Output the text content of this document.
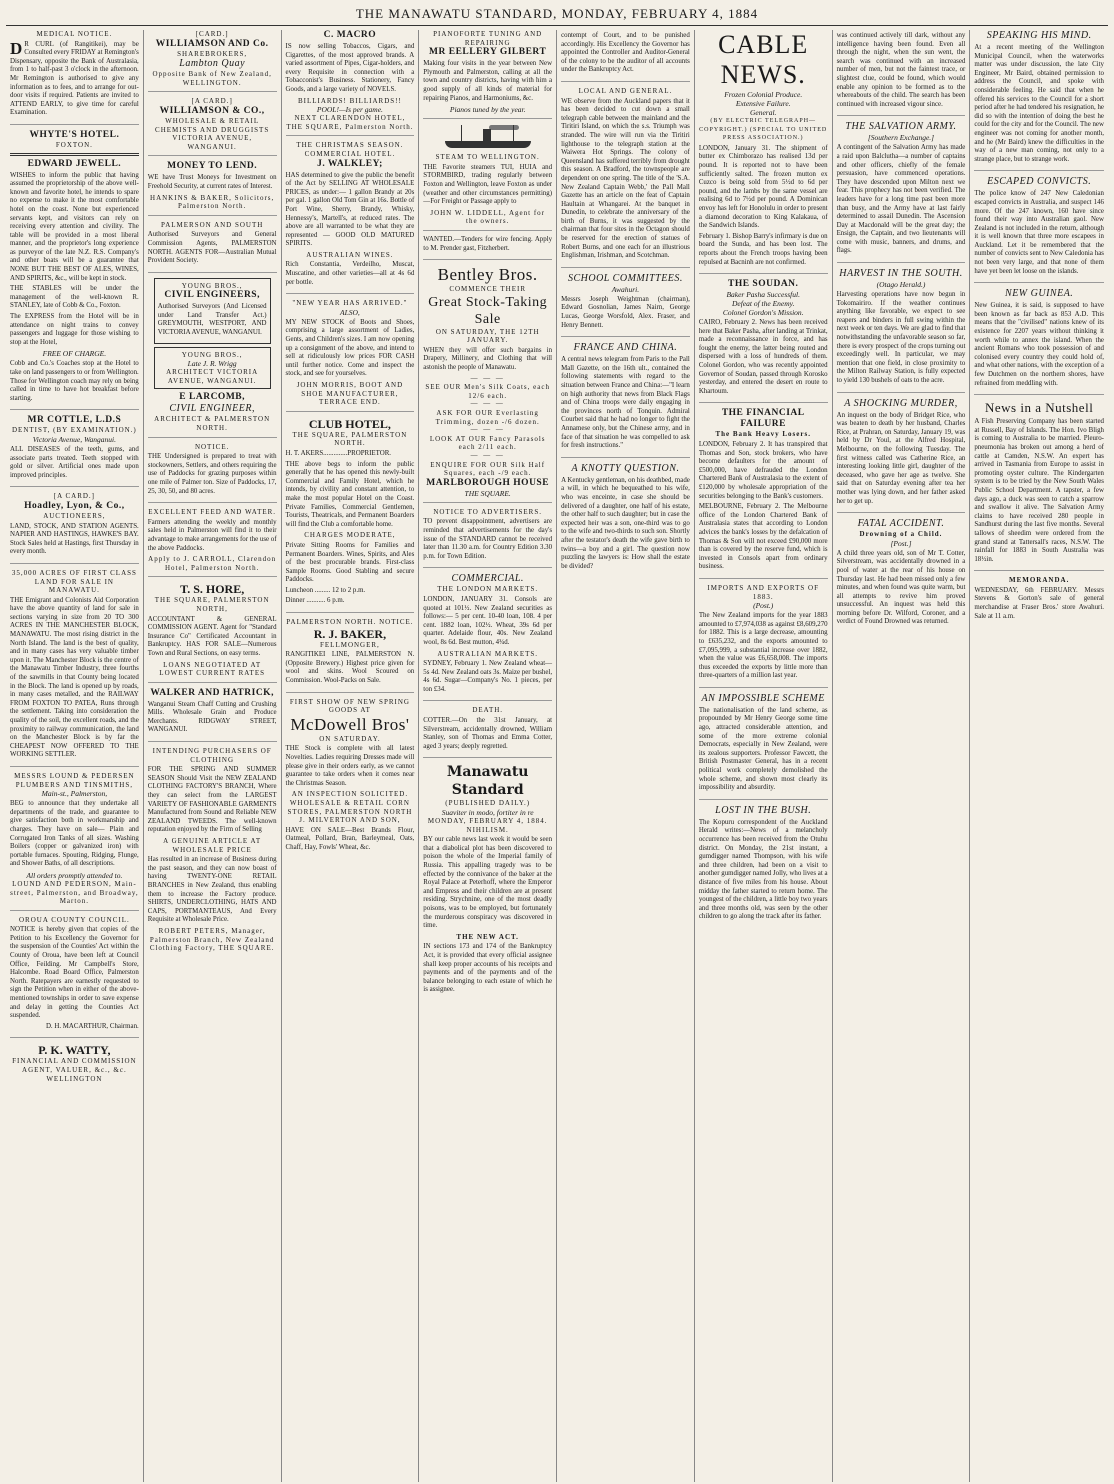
THE MANAWATU STANDARD, MONDAY, FEBRUARY 4, 1884
MEDICAL NOTICE.
D R CURL (of Rangitikei), may be Consulted every FRIDAY at Remington's Dispensary, opposite the Bank of Australasia, from 1 to half-past 3 o'clock in the afternoon. Mr Remington is authorised to give any information as to fees, and to arrange for out-door visits if required. Patients are invited to ATTEND EARLY, to give time for careful Examination.
WHYTE'S HOTEL.
FOXTON.
EDWARD JEWELL.
WISHES to inform the public that having assumed the proprietorship of the above well-known and favorite hotel, he intends to spare no expense to make it the most comfortable hotel on the coast. None but experienced servants kept, and visitors can rely on receiving every attention and civility. The table will be provided in a most liberal manner, and the proprietor's long experience as purveyor of the late N.Z. R.S. Company's and other boats will be a guarantee that NONE BUT THE BEST OF ALES, WINES, AND SPIRITS, &c., will be kept in stock.
THE STABLES will be under the management of the well-known R. STANLEY, late of Cobb & Co., Foxton.
The EXPRESS from the Hotel will be in attendance on night trains to convey passengers and luggage for those wishing to stop at the Hotel,
FREE OF CHARGE.
Cobb and Co.'s Coaches stop at the Hotel to take on land passengers to or from Wellington. Those for Wellington coach may rely on being called in time to have hot breakfast before starting.
MR COTTLE, L.D.S
DENTIST, (BY EXAMINATION.)
Victoria Avenue, Wanganui.
ALL DISEASES of the teeth, gums, and associate parts treated. Teeth stopped with gold or silver. Artificial ones made upon improved principles.
[A CARD.]
Hoadley, Lyon, & Co.,
AUCTIONEERS,
LAND, STOCK, AND STATION AGENTS. NAPIER AND HASTINGS, HAWKE'S BAY. Stock Sales held at Hastings, first Thursday in every month.
35,000 ACRES OF FIRST CLASS LAND FOR SALE IN MANAWATU.
THE Emigrant and Colonists Aid Corporation have the above quantity of land for sale in sections varying in size from 20 TO 300 ACRES IN THE MANCHESTER BLOCK, MANAWATU. The most rising district in the North Island. The land is the best of quality, and in many cases has very valuable timber upon it. The Manchester Block is the centre of the Manawatu Timber Industry, three fourths of the sawmills in that County being located in the Block. The land is opened up by roads, in many cases metalled, and the RAILWAY FROM FOXTON TO PATEA, Runs through the settlement. Taking into consideration the quality of the soil, the excellent roads, and the proximity to railway communication, the land on the Manchester Block is by far the CHEAPEST NOW OFFERED TO THE WORKING SETTLER.
MESSRS LOUND & PEDERSEN
PLUMBERS AND TINSMITHS,
Main-st., Palmerston,
BEG to announce that they undertake all departments of the trade, and guarantee to give satisfaction both in workmanship and charges. They have on sale— Plain and Corrugated Iron Tanks of all sizes. Washing Boilers (copper or galvanized iron) with portable furnaces. Spouting, Ridging, Flunge, and Shower Baths, of all descriptions.
All orders promptly attended to.
LOUND AND PEDERSON, Main-street, Palmerston, and Broadway, Marton.
OROUA COUNTY COUNCIL.
NOTICE is hereby given that copies of the Petition to his Excellency the Governor for the suspension of the Counties' Act within the County of Oroua, have been left at Council Office, Feilding. Mr Campbell's Store, Halcombe. Road Board Office, Palmerston North. Ratepayers are earnestly requested to sign the Petition when in either of the above-mentioned townships in order to save expense and delay in getting the Counties Act suspended.
D. H. MACARTHUR, Chairman.
P. K. WATTY,
FINANCIAL AND COMMISSION AGENT, VALUER, &c., &c. WELLINGTON
[CARD.]
WILLIAMSON AND Co.
SHAREBROKERS,
Lambton Quay
Opposite Bank of New Zealand, WELLINGTON.
[A CARD.]
WILLIAMSON & CO.,
WHOLESALE & RETAIL CHEMISTS AND DRUGGISTS
VICTORIA AVENUE, WANGANUI.
MONEY TO LEND.
WE have Trust Moneys for Investment on Freehold Security, at current rates of Interest.
HANKINS & BAKER, Solicitors, Palmerston North.
PALMERSON AND SOUTH
Authorised Surveyors and General Commission Agents, PALMERSTON NORTH. AGENTS FOR—Australian Mutual Provident Society.
YOUNG BROS.,
CIVIL ENGINEERS,
Authorised Surveyors (And Licensed under Land Transfer Act.) GREYMOUTH, WESTPORT, AND VICTORIA AVENUE, WANGANUI.
YOUNG BROS.,
Late J. R. Wrigg
ARCHITECT VICTORIA AVENUE, WANGANUI.
E LARCOMB,
CIVIL ENGINEER,
ARCHITECT & PALMERSTON NORTH.
NOTICE.
THE Undersigned is prepared to treat with stockowners, Settlers, and others requiring the use of Paddocks for grazing purposes within one mile of Palmer ton. Size of Paddocks, 17, 25, 30, 50, and 80 acres.
EXCELLENT FEED AND WATER.
Farmers attending the weekly and monthly sales held in Palmerston will find it to their advantage to make arrangements for the use of the above Paddocks.
Apply to J. CARROLL, Clarendon Hotel, Palmerston North.
T. S. HORE,
THE SQUARE, PALMERSTON NORTH,
ACCOUNTANT & GENERAL COMMISSION AGENT. Agent for "Standard Insurance Co" Certificated Accountant in Bankruptcy. HAS FOR SALE—Numerous Town and Rural Sections, on easy terms.
LOANS NEGOTIATED AT LOWEST CURRENT RATES
WALKER AND HATRICK,
Wanganui Steam Chaff Cutting and Crushing Mills. Wholesale Grain and Produce Merchants. RIDGWAY STREET, WANGANUI.
INTENDING PURCHASERS OF CLOTHING
FOR THE SPRING AND SUMMER SEASON Should Visit the NEW ZEALAND CLOTHING FACTORY'S BRANCH, Where they can select from the LARGEST VARIETY OF FASHIONABLE GARMENTS Manufactured from Sound and Reliable NEW ZEALAND TWEEDS. The well-known reputation enjoyed by the Firm of Selling
A GENUINE ARTICLE AT WHOLESALE PRICE
Has resulted in an increase of Business during the past season, and they can now boast of having TWENTY-ONE RETAIL BRANCHES in New Zealand, thus enabling them to increase the Factory produce. SHIRTS, UNDERCLOTHING, HATS AND CAPS, PORTMANTEAUS, And Every Requisite at Wholesale Price.
ROBERT PETERS, Manager, Palmerston Branch, New Zealand Clothing Factory, THE SQUARE.
C. MACRO
IS now selling Tobaccos, Cigars, and Cigarettes, of the most approved brands. A varied assortment of Pipes, Cigar-holders, and every Requisite in connection with a Tobacconist's Business. Stationery, Fancy Goods, and a large variety of NOVELS.
BILLIARDS! BILLIARDS!!
POOL!—Is per game.
NEXT CLARENDON HOTEL, THE SQUARE, Palmerston North.
THE CHRISTMAS SEASON.
COMMERCIAL HOTEL.
J. WALKLEY;
HAS determined to give the public the benefit of the Act by SELLING AT WHOLESALE PRICES, as under:— 1 gallon Brandy at 20s per gal. 1 gallon Old Tom Gin at 16s. Bottle of Port Wine, Sherry, Brandy, Whisky, Hennessy's, Martell's, at reduced rates. The above are all warranted to be what they are represented — GOOD OLD MATURED SPIRITS.
AUSTRALIAN WINES.
Rich Constantia, Verdeilho, Muscat, Muscatine, and other varieties—all at 4s 6d per bottle.
"NEW YEAR HAS ARRIVED."
ALSO,
MY NEW STOCK of Boots and Shoes, comprising a large assortment of Ladies, Gents, and Children's sizes. I am now opening up a consignment of the above, and intend to sell at ridiculously low prices FOR CASH until further notice. Come and inspect the stock, and see for yourselves.
JOHN MORRIS, BOOT AND SHOE MANUFACTURER, TERRACE END.
CLUB HOTEL,
THE SQUARE, PALMERSTON NORTH.
H. T. AKERS..............PROPRIETOR.
THE above begs to inform the public generally that he has opened this newly-built Commercial and Family Hotel, which he intends, by civility and constant attention, to make the most popular Hotel on the Coast. Private Families, Commercial Gentlemen, Tourists, Theatricals, and Permanent Boarders will find the Club a comfortable home.
CHARGES MODERATE,
Private Sitting Rooms for Families and Permanent Boarders. Wines, Spirits, and Ales of the best procurable brands. First-class Sample Rooms. Good Stabling and secure Paddocks.
Luncheon ......... 12 to 2 p.m.
Dinner ........... 6 p.m.
PALMERSTON NORTH. NOTICE.
R. J. BAKER,
FELLMONGER,
RANGITIKEI LINE, PALMERSTON N. (Opposite Brewery.) Highest price given for wool and skins. Wool Scoured on Commission. Wool-Packs on Sale.
FIRST SHOW OF NEW SPRING GOODS AT
McDowell Bros'
ON SATURDAY.
THE Stock is complete with all latest Novelties. Ladies requiring Dresses made will please give in their orders early, as we cannot guarantee to take orders when it comes near the Christmas Season.
AN INSPECTION SOLICITED.
WHOLESALE & RETAIL CORN STORES, PALMERSTON NORTH
J. MILVERTON AND SON,
HAVE ON SALE—Best Brands Flour, Oatmeal, Pollard, Bran, Barleymeal, Oats, Chaff, Hay, Fowls' Wheat, &c.
PIANOFORTE TUNING AND REPAIRING
MR EELLERY GILBERT
Making four visits in the year between New Plymouth and Palmerston, calling at all the town and country districts, having with him a good supply of all kinds of material for repairing Pianos, and Harmoniums, &c.
Pianos tuned by the year.
STEAM TO WELLINGTON.
THE Favorite steamers TUI, HUIA and STORMBIRD, trading regularly between Foxton and Wellington, leave Foxton as under (weather and other circumstances permitting)—For Freight or Passage apply to
JOHN W. LIDDELL, Agent for the owners.
WANTED.—Tenders for wire fencing. Apply to M. Prender gast, Fitzherbert.
Bentley Bros.
COMMENCE THEIR
Great Stock-Taking Sale
ON SATURDAY, THE 12TH JANUARY.
WHEN they will offer such bargains in Drapery, Millinery, and Clothing that will astonish the people of Manawatu.
— — —
SEE OUR Men's Silk Coats, each 12/6 each.
— — —
ASK FOR OUR Everlasting Trimming, dozen -/6 dozen.
— — —
LOOK AT OUR Fancy Parasols each 2/11 each.
— — —
ENQUIRE FOR OUR Silk Half Squares, each -/9 each.
MARLBOROUGH HOUSE
THE SQUARE.
NOTICE TO ADVERTISERS.
TO prevent disappointment, advertisers are reminded that advertisements for the day's issue of the STANDARD cannot be received later than 11.30 a.m. for Country Edition 3.30 p.m. for Town Edition.
COMMERCIAL.
THE LONDON MARKETS.
LONDON, JANUARY 31. Consols are quoted at 101½. New Zealand securities as follows:— 5 per cent. 10-40 loan, 108. 4 per cent. 1882 loan, 102½. Wheat, 39s 6d per quarter. Adelaide flour, 40s. New Zealand wool, 8s 6d. Best mutton, 4¾d.
AUSTRALIAN MARKETS.
SYDNEY, February 1. New Zealand wheat—5s 4d. New Zealand oats 3s. Maize per bushel, 4s 6d. Sugar—Company's No. 1 pieces, per ton £34.
DEATH.
COTTER.—On the 31st January, at Silverstream, accidentally drowned, William Stanley, son of Thomas and Emma Cotter, aged 3 years; deeply regretted.
Manawatu Standard
(PUBLISHED DAILY.)
Suaviter in modo, fortiter in re
MONDAY, FEBRUARY 4, 1884.
NIHILISM.
BY our cable news last week it would be seen that a diabolical plot has been discovered to poison the whole of the Imperial family of Russia. This appalling tragedy was to be effected by the connivance of the baker at the Royal Palace at Peterhoff, where the Emperor and Empress and their children are at present residing. Strychnine, one of the most deadly poisons, was to be employed, but fortunately the murderous conspiracy was discovered in time.
THE NEW ACT.
IN sections 173 and 174 of the Bankruptcy Act, it is provided that every official assignee shall keep proper accounts of his receipts and payments and of the payments and of the balance belonging to each estate of which he is assignee.
contempt of Court, and to be punished accordingly. His Excellency the Governor has appointed the Controller and Auditor-General of the colony to be the auditor of all accounts under the Bankruptcy Act.
LOCAL AND GENERAL.
WE observe from the Auckland papers that it has been decided to cut down a small telegraph cable between the mainland and the Tiritiri Island, on which the s.s. Triumph was stranded. The wire will run via the Tiritiri lighthouse to the telegraph station at the Waiwera Hot Springs. The colony of Queensland has suffered terribly from drought this season. A Bradford, the townspeople are dependent on one spring. The title of the 'S.A. New Zealand Captain Webb,' the Pall Mall Gazette has an article on the feat of Captain Haultain at Whangarei. At the banquet in Dunedin, to celebrate the anniversary of the birth of Burns, it was suggested by the chairman that four sites in the Octagon should be reserved for the erection of statues of Robert Burns, and one each for an illustrious Englishman, Irishman, and Scotchman.
SCHOOL COMMITTEES.
Awahuri.
Messrs Joseph Weightman (chairman), Edward Gosnolian, James Nairn, George Lucas, George Worsfold, Alex. Fraser, and Henry Bennett.
FRANCE AND CHINA.
A central news telegram from Paris to the Pall Mall Gazette, on the 16th ult., contained the following statements with regard to the situation between France and China:—"I learn on high authority that news from Black Flags and of China troops were daily engaging in the provinces north of Tonquin. Admiral Courbet said that he had no longer to fight the Annamese only, but the Chinese army, and in face of that situation he was compelled to ask for fresh instructions."
A KNOTTY QUESTION.
A Kentucky gentleman, on his deathbed, made a will, in which he bequeathed to his wife, who was enceinte, in case she should be delivered of a daughter, one half of his estate, the other half to such daughter; but in case the expected heir was a son, one-third was to go to the wife and two-thirds to such son. Shortly after the testator's death the wife gave birth to twins—a boy and a girl. The question now puzzling the lawyers is: How shall the estate be divided?
CABLE NEWS.
Frozen Colonial Produce.
Extensive Failure.
General.
(BY ELECTRIC TELEGRAPH—COPYRIGHT.) (SPECIAL TO UNITED PRESS ASSOCIATION.)
LONDON, January 31. The shipment of butter ex Chimborazo has realised 13d per pound. It is reported not to have been sufficiently salted. The frozen mutton ex Cuzco is being sold from 5½d to 6d per pound, and the lambs by the same vessel are realising 6d to 7½d per pound. A Dominican envoy has left for Honolulu in order to present a diamond decoration to King Kalakaua, of the Sandwich Islands.
February 1. Bishop Barry's infirmary is due on board the Sunda, and has been lost. The reports about the French troops having been repulsed at Bacninh are not confirmed.
THE SOUDAN.
Baker Pasha Successful.
Defeat of the Enemy.
Colonel Gordon's Mission.
CAIRO, February 2. News has been received here that Baker Pasha, after landing at Trinkat, made a reconnaissance in force, and has fought the enemy, the latter being routed and dispersed with a loss of hundreds of them. Colonel Gordon, who was recently appointed Governor of Soudan, passed through Korosko yesterday, and entered the desert en route to Khartoum.
THE FINANCIAL FAILURE
The Bank Heavy Losers.
LONDON, February 2. It has transpired that Thomas and Son, stock brokers, who have become defaulters for the amount of £500,000, have defrauded the London Chartered Bank of Australasia to the extent of £120,000 by wholesale appropriation of the securities belonging to the Bank's customers.
MELBOURNE, February 2. The Melbourne office of the London Chartered Bank of Australasia states that according to London advices the bank's losses by the defalcation of Thomas & Son will not exceed £90,000 more than is covered by the reserve fund, which is invested in Consols apart from ordinary business.
IMPORTS AND EXPORTS OF 1883.
(Post.)
The New Zealand imports for the year 1883 amounted to £7,974,038 as against £8,609,270 for 1882. This is a large decrease, amounting to £635,232, and the exports amounted to £7,095,999, a substantial increase over 1882, when the value was £6,658,008. The imports thus exceeded the exports by little more than three-quarters of a million last year.
AN IMPOSSIBLE SCHEME
The nationalisation of the land scheme, as propounded by Mr Henry George some time ago, attracted considerable attention, and some of the more extreme colonial Democrats, especially in New Zealand, were its zealous supporters. Professor Fawcett, the British Postmaster General, has in a recent political work completely demolished the whole scheme, and shown most clearly its impossibility and absurdity.
LOST IN THE BUSH.
The Kopuru correspondent of the Auckland Herald writes:—News of a melancholy occurrence has been received from the Otuhu district. On Monday, the 21st instant, a gumdigger named Thompson, with his wife and three children, had been on a visit to another gumdigger named Jolly, who lives at a distance of five miles from his house. About midday the father started to return home. The youngest of the children, a little boy two years and three months old, was seen by the other children to go along the track after its father.
was continued actively till dark, without any intelligence having been found. Even all through the night, when the sun went, the search was continued with an increased number of men, but not the faintest trace, or slightest clue, could be found, which would enable any opinion to be formed as to the whereabouts of the child. The search has been continued with increased vigour since.
THE SALVATION ARMY.
[Southern Exchange.]
A contingent of the Salvation Army has made a raid upon Balclutha—a number of captains and other officers, chiefly of the female persuasion, have commenced operations. They have descended upon Milton next we fear. This prophecy has not been verified. The leaders have for a long time past been more than busy, and the Army have at last fairly determined to assail Dunedin. The Ascension Day at Macdonald will be the great day; the Ensign, the Captain, and two lieutenants will come with music, banners, and drums, and flags.
HARVEST IN THE SOUTH.
(Otago Herald.)
Harvesting operations have now begun in Tokomairiro. If the weather continues anything like favorable, we expect to see reapers and binders in full swing within the next week or ten days. We are glad to find that notwithstanding the unfavorable season so far, there is every prospect of the crops turning out exceedingly well. In particular, we may mention that one field, in close proximity to the Milton Railway Station, is fully expected to yield 130 bushels of oats to the acre.
A SHOCKING MURDER,
An inquest on the body of Bridget Rice, who was beaten to death by her husband, Charles Rice, at Prahran, on Saturday, January 19, was held by Dr Youl, at the Alfred Hospital, Melbourne, on the following Tuesday. The first witness called was Catherine Rice, an interesting looking little girl, daughter of the deceased, who gave her age as twelve. She said that on Saturday evening after tea her mother was lying down, and her father asked her to get up.
FATAL ACCIDENT.
Drowning of a Child.
[Post.]
A child three years old, son of Mr T. Cotter, Silverstream, was accidentally drowned in a pool of water at the rear of his house on Thursday last. He had been missed only a few minutes, and when found was quite warm, but all attempts to revive him proved unsuccessful. An inquest was held this morning before Dr. Wilford, Coroner, and a verdict of Found Drowned was returned.
SPEAKING HIS MIND.
At a recent meeting of the Wellington Municipal Council, when the waterworks matter was under discussion, the late City Engineer, Mr Baird, obtained permission to address the Council, and spoke with considerable feeling. He said that when he offered his services to the Council for a short period after he had tendered his resignation, he did so with the intention of doing the best he could for the city and for the Council. The new engineer was not coming for another month, and he (Mr Baird) knew the difficulties in the way of a new man coming, not only to a strange place, but to strange work.
ESCAPED CONVICTS.
The police know of 247 New Caledonian escaped convicts in Australia, and suspect 146 more. Of the 247 known, 160 have since found their way into Australian gaol. New Zealand is not included in the return, although it is well known that three more escapees in Auckland. Let it be remembered that the number of convicts sent to New Caledonia has not been very large, and that none of them have yet been let loose on the islands.
NEW GUINEA.
New Guinea, it is said, is supposed to have been known as far back as 853 A.D. This means that the "civilised" nations knew of its existence for 2207 years without thinking it worth while to annex the island. When the ancient Romans who took possession of and colonised every country they could hold of, and what other nations, with the exception of a few Dutchmen on the northern shores, have refrained from meddling with.
News in a Nutshell
A Fish Preserving Company has been started at Russell, Bay of Islands. The Hon. Ivo Bligh is coming to Australia to be married. Pleuro-pneumonia has broken out among a herd of cattle at Camden, N.S.W. An expert has arrived in Tasmania from Europe to assist in promoting oyster culture. The Kindergarten system is to be tried by the New South Wales Public School Department. A tapster, a few days ago, a duck was seen to catch a sparrow and swallow it alive. The Salvation Army claims to have received 280 people in Sandhurst during the last five months. Several tallows of sheedim were ordered from the grand stand at Tattersall's races, N.S.W. The rainfall for 1883 in South Australia was 18½in.
MEMORANDA.
WEDNESDAY, 6th FEBRUARY. Messrs Stevens & Gorton's sale of general merchandise at Fraser Bros.' store Awahuri. Sale at 11 a.m.
